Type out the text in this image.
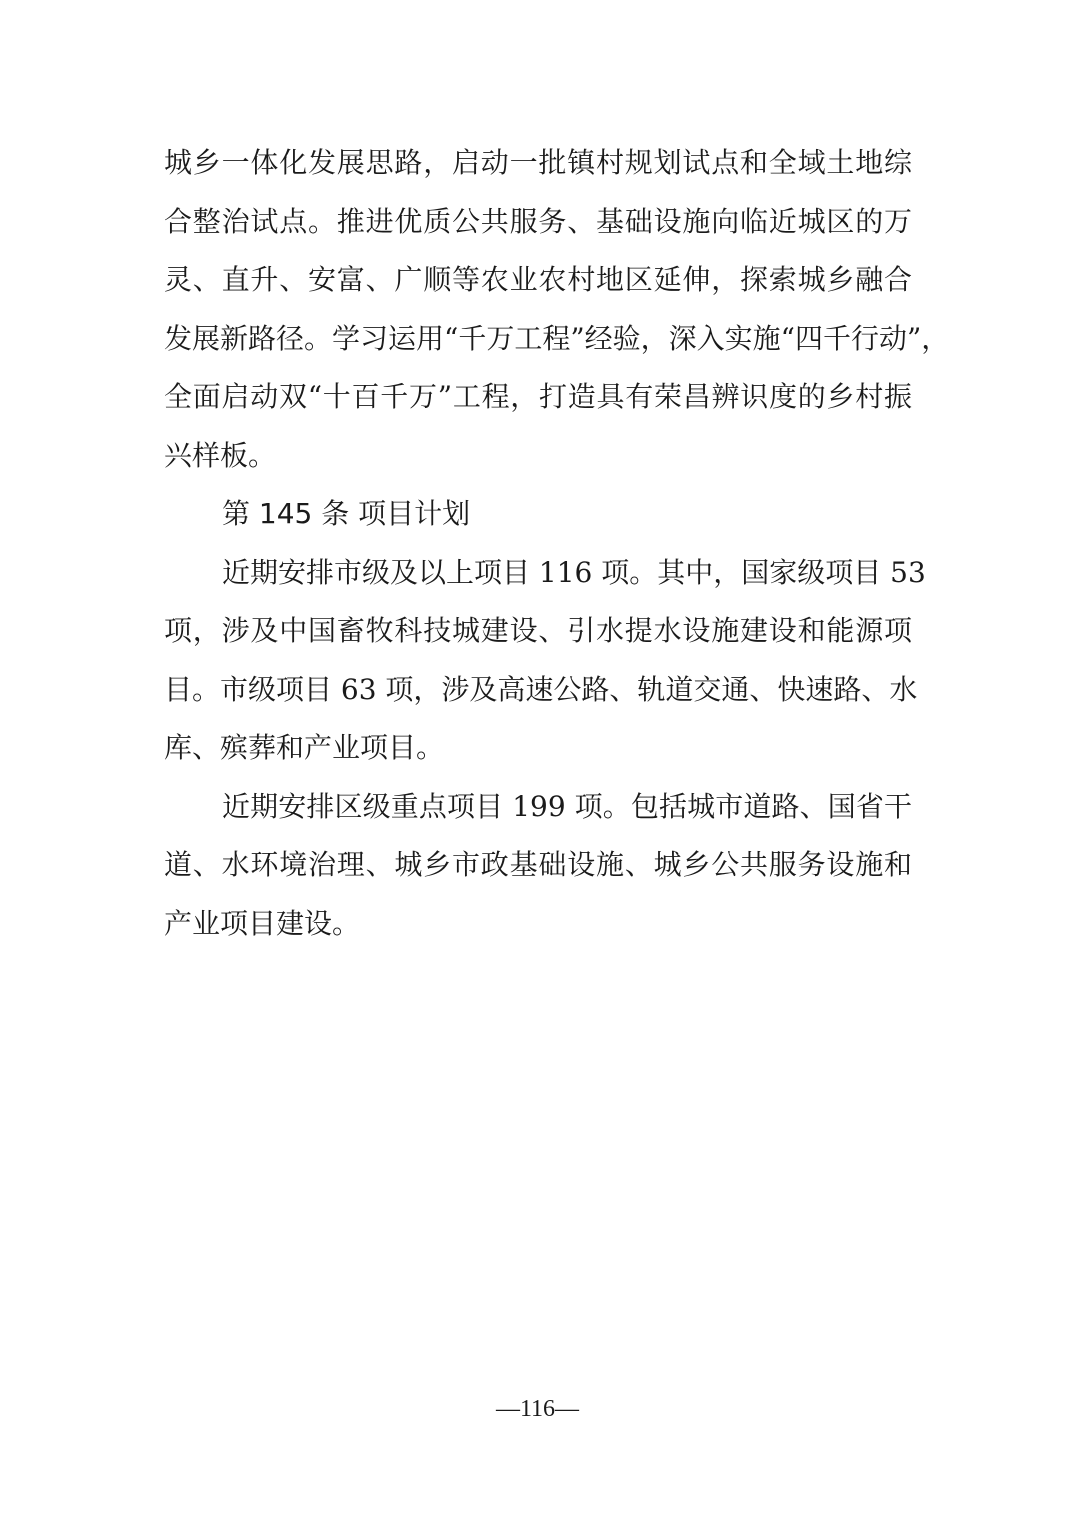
城乡一体化发展思路，启动一批镇村规划试点和全域土地综
合整治试点。推进优质公共服务、基础设施向临近城区的万
灵、直升、安富、广顺等农业农村地区延伸，探索城乡融合
发展新路径。学习运用“千万工程”经验，深入实施“四千行动”，
全面启动双“十百千万”工程，打造具有荣昌辨识度的乡村振
兴样板。
第 145 条 项目计划
近期安排市级及以上项目 116 项。其中，国家级项目 53
项，涉及中国畜牧科技城建设、引水提水设施建设和能源项
目。市级项目 63 项，涉及高速公路、轨道交通、快速路、水
库、殡葬和产业项目。
近期安排区级重点项目 199 项。包括城市道路、国省干
道、水环境治理、城乡市政基础设施、城乡公共服务设施和
产业项目建设。
—116—
